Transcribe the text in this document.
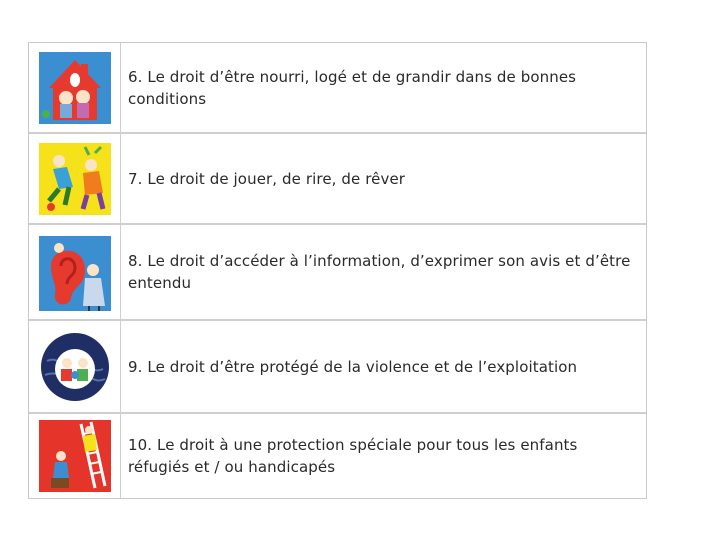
6. Le droit d’être nourri, logé et de grandir dans de bonnes conditions
7. Le droit de jouer, de rire, de rêver
8. Le droit d’accéder à l’information, d’exprimer son avis et d’être entendu
9. Le droit d’être protégé de la violence et de l’exploitation
10. Le droit à une protection spéciale pour tous les enfants réfugiés et / ou handicapés
